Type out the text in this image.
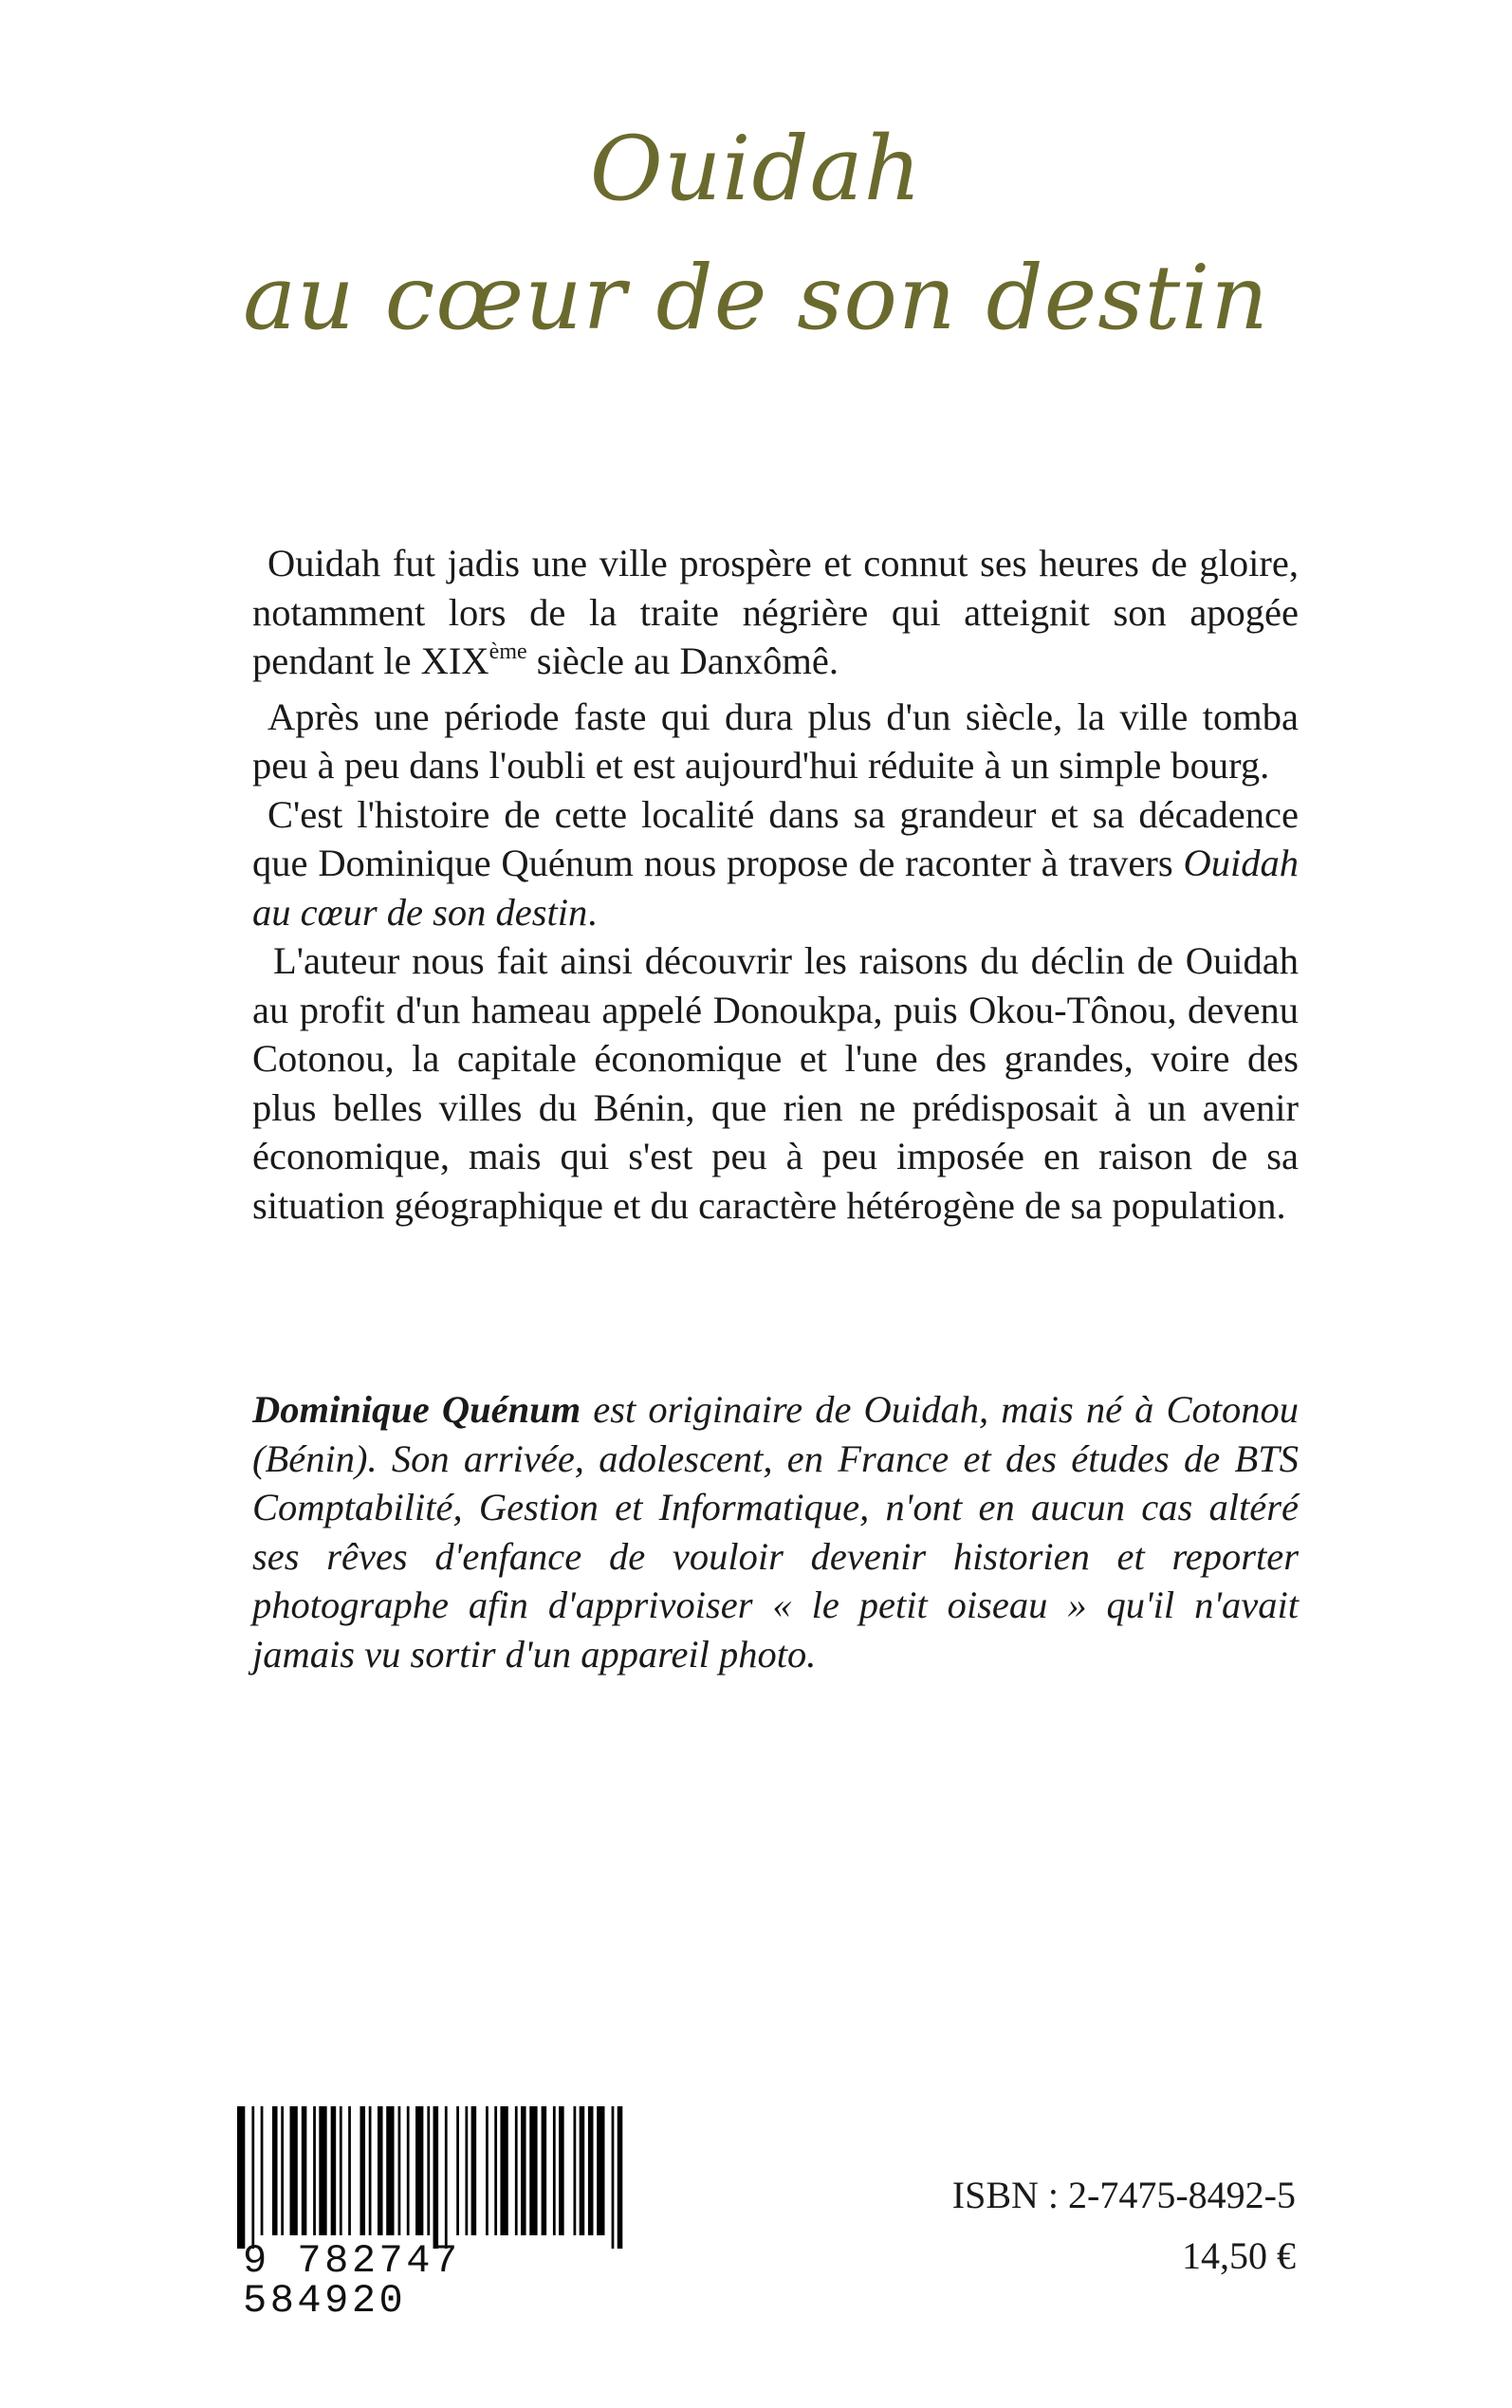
Ouidah
au cœur de son destin

Ouidah fut jadis une ville prospère et connut ses heures de gloire, notamment lors de la traite négrière qui atteignit son apogée pendant le XIXème siècle au Danxômê.

Après une période faste qui dura plus d'un siècle, la ville tomba peu à peu dans l'oubli et est aujourd'hui réduite à un simple bourg.

C'est l'histoire de cette localité dans sa grandeur et sa décadence que Dominique Quénum nous propose de raconter à travers Ouidah au cœur de son destin.

L'auteur nous fait ainsi découvrir les raisons du déclin de Ouidah au profit d'un hameau appelé Donoukpa, puis Okou-Tônou, devenu Cotonou, la capitale économique et l'une des grandes, voire des plus belles villes du Bénin, que rien ne prédisposait à un avenir économique, mais qui s'est peu à peu imposée en raison de sa situation géographique et du caractère hétérogène de sa population.

Dominique Quénum est originaire de Ouidah, mais né à Cotonou (Bénin). Son arrivée, adolescent, en France et des études de BTS Comptabilité, Gestion et Informatique, n'ont en aucun cas altéré ses rêves d'enfance de vouloir devenir historien et reporter photographe afin d'apprivoiser « le petit oiseau » qu'il n'avait jamais vu sortir d'un appareil photo.

9 782747 584920
ISBN : 2-7475-8492-5
14,50 €
